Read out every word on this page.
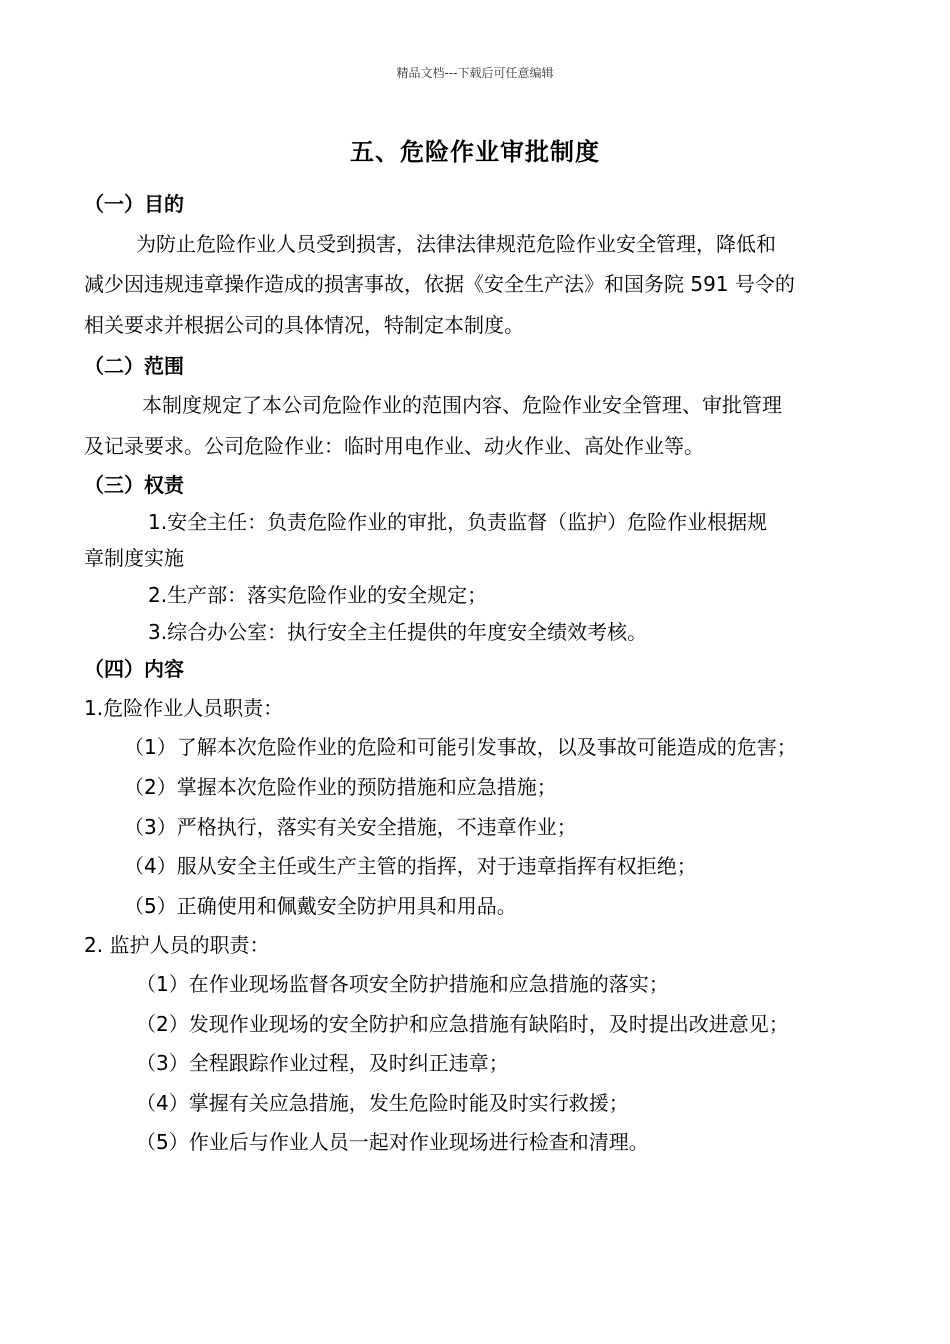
精品文档---下载后可任意编辑
五、危险作业审批制度
（一）目的
为防止危险作业人员受到损害，法律法律规范危险作业安全管理，降低和
减少因违规违章操作造成的损害事故，依据《安全生产法》和国务院 591 号令的
相关要求并根据公司的具体情况，特制定本制度。
（二）范围
本制度规定了本公司危险作业的范围内容、危险作业安全管理、审批管理
及记录要求。公司危险作业：临时用电作业、动火作业、高处作业等。
（三）权责
1.安全主任：负责危险作业的审批，负责监督（监护）危险作业根据规
章制度实施
2.生产部：落实危险作业的安全规定；
3.综合办公室：执行安全主任提供的年度安全绩效考核。
（四）内容
1.危险作业人员职责：
（1）了解本次危险作业的危险和可能引发事故，以及事故可能造成的危害；
（2）掌握本次危险作业的预防措施和应急措施；
（3）严格执行，落实有关安全措施，不违章作业；
（4）服从安全主任或生产主管的指挥，对于违章指挥有权拒绝；
（5）正确使用和佩戴安全防护用具和用品。
2. 监护人员的职责：
（1）在作业现场监督各项安全防护措施和应急措施的落实；
（2）发现作业现场的安全防护和应急措施有缺陷时，及时提出改进意见；
（3）全程跟踪作业过程，及时纠正违章；
（4）掌握有关应急措施，发生危险时能及时实行救援；
（5）作业后与作业人员一起对作业现场进行检查和清理。
